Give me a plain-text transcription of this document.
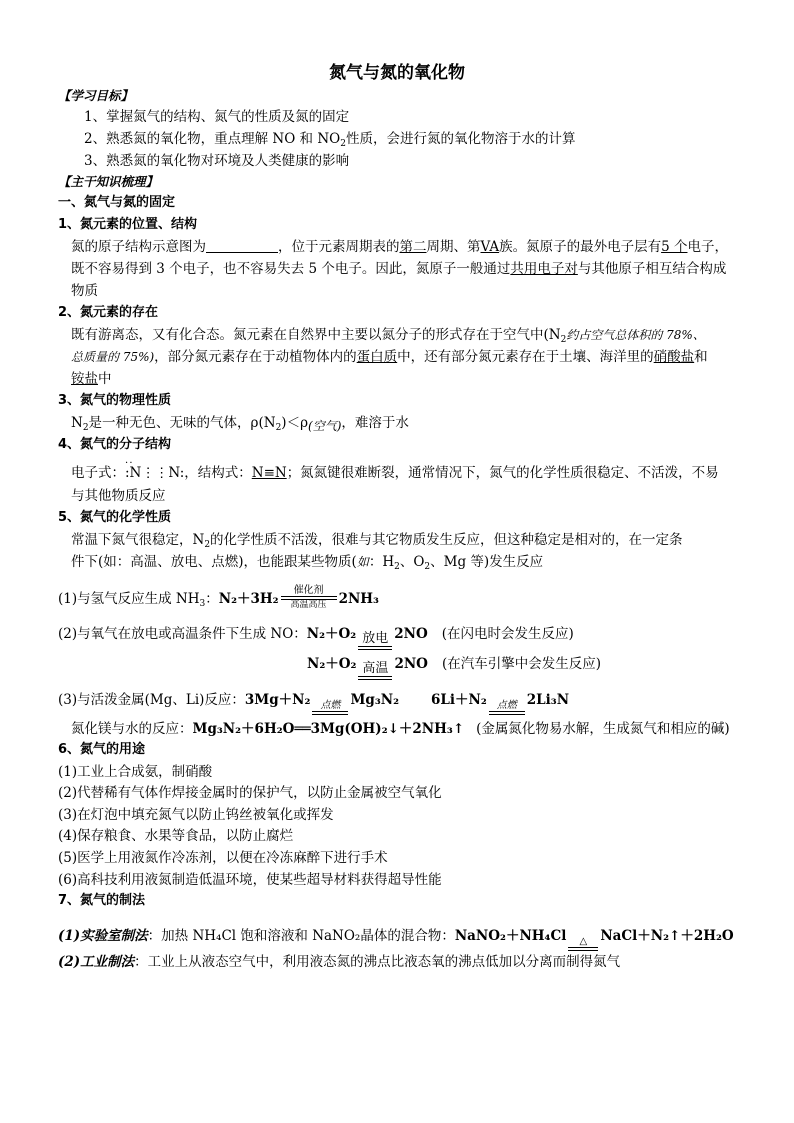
氮气与氮的氧化物
【学习目标】
1、掌握氮气的结构、氮气的性质及氮的固定
2、熟悉氮的氧化物，重点理解 NO 和 $NO_2$性质，会进行氮的氧化物溶于水的计算
3、熟悉氮的氧化物对环境及人类健康的影响
【主干知识梳理】
一、氮气与氮的固定
1、氮元素的位置、结构
氮的原子结构示意图为	，位于元素周期表的第二周期、第VA族。氮原子的最外电子层有5 个电子，
既不容易得到 3 个电子，也不容易失去 5 个电子。因此，氮原子一般通过共用电子对与其他原子相互结合构成
物质
2、氮元素的存在
既有游离态，又有化合态。氮元素在自然界中主要以氮分子的形式存在于空气中($N_2$约占空气总体积的 78%、
总质量的 75%)，部分氮元素存在于动植物体内的蛋白质中，还有部分氮元素存在于土壤、海洋里的硝酸盐和
铵盐中
3、氮气的物理性质
$N_2$是一种无色、无味的气体，$\rho(N_2)<\rho_{(空气)}$，难溶于水
4、氮气的分子结构
电子式：· · :N⋮⋮N:，结构式：N≡N；氮氮键很难断裂，通常情况下，氮气的化学性质很稳定、不活泼，不易
与其他物质反应
5、氮气的化学性质
常温下氮气很稳定，$N_2$的化学性质不活泼，很难与其它物质发生反应，但这种稳定是相对的，在一定条
件下(如：高温、放电、点燃)，也能跟某些物质(如：$H_2$、$O_2$、Mg 等)发生反应
(1)与氢气反应生成 $NH_3$：N₂＋3H₂
催化剂
高温高压 2NH₃
(2)与氧气在放电或高温条件下生成 NO：N₂＋O₂ 放电 2NO (在闪电时会发生反应)
N₂＋O₂ 高温 2NO (在汽车引擎中会发生反应)
(3)与活泼金属(Mg、Li)反应：3Mg＋N₂	点燃 Mg₃N₂ 6Li＋N₂	点燃 2Li₃N
氮化镁与水的反应：Mg₃N₂＋6H₂O══3Mg(OH)₂↓＋2NH₃↑ (金属氮化物易水解，生成氮气和相应的碱)
6、氮气的用途
(1)工业上合成氨，制硝酸
(2)代替稀有气体作焊接金属时的保护气，以防止金属被空气氧化
(3)在灯泡中填充氮气以防止钨丝被氧化或挥发
(4)保存粮食、水果等食品，以防止腐烂
(5)医学上用液氮作冷冻剂，以便在冷冻麻醉下进行手术
(6)高科技利用液氮制造低温环境，使某些超导材料获得超导性能
7、氮气的制法
(1)实验室制法：加热 NH₄Cl 饱和溶液和 NaNO₂晶体的混合物：NaNO₂＋NH₄Cl	△ NaCl＋N₂↑＋2H₂O
(2)工业制法：工业上从液态空气中，利用液态氮的沸点比液态氧的沸点低加以分离而制得氮气
